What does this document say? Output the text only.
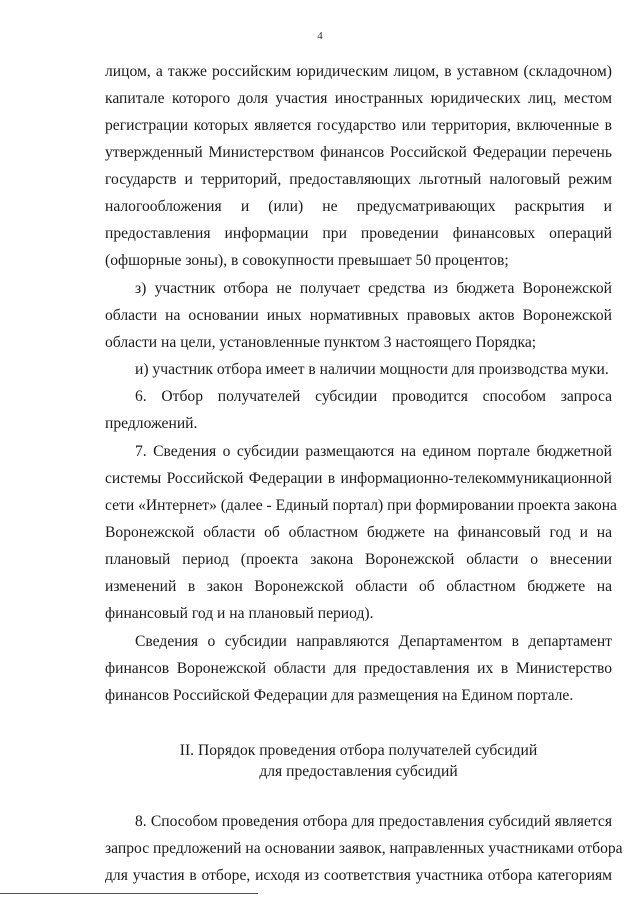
4
лицом, а также российским юридическим лицом, в уставном (складочном)
капитале которого доля участия иностранных юридических лиц, местом
регистрации которых является государство или территория, включенные в
утвержденный Министерством финансов Российской Федерации перечень
государств и территорий, предоставляющих льготный налоговый режим
налогообложения и (или) не предусматривающих раскрытия и
предоставления информации при проведении финансовых операций
(офшорные зоны), в совокупности превышает 50 процентов;
з) участник отбора не получает средства из бюджета Воронежской
области на основании иных нормативных правовых актов Воронежской
области на цели, установленные пунктом 3 настоящего Порядка;
и) участник отбора имеет в наличии мощности для производства муки.
6. Отбор получателей субсидии проводится способом запроса
предложений.
7. Сведения о субсидии размещаются на едином портале бюджетной
системы Российской Федерации в информационно-телекоммуникационной
сети «Интернет» (далее - Единый портал) при формировании проекта закона
Воронежской области об областном бюджете на финансовый год и на
плановый период (проекта закона Воронежской области о внесении
изменений в закон Воронежской области об областном бюджете на
финансовый год и на плановый период).
Сведения о субсидии направляются Департаментом в департамент
финансов Воронежской области для предоставления их в Министерство
финансов Российской Федерации для размещения на Едином портале.
II. Порядок проведения отбора получателей субсидий
для предоставления субсидий
8. Способом проведения отбора для предоставления субсидий является
запрос предложений на основании заявок, направленных участниками отбора
для участия в отборе, исходя из соответствия участника отбора категориям
